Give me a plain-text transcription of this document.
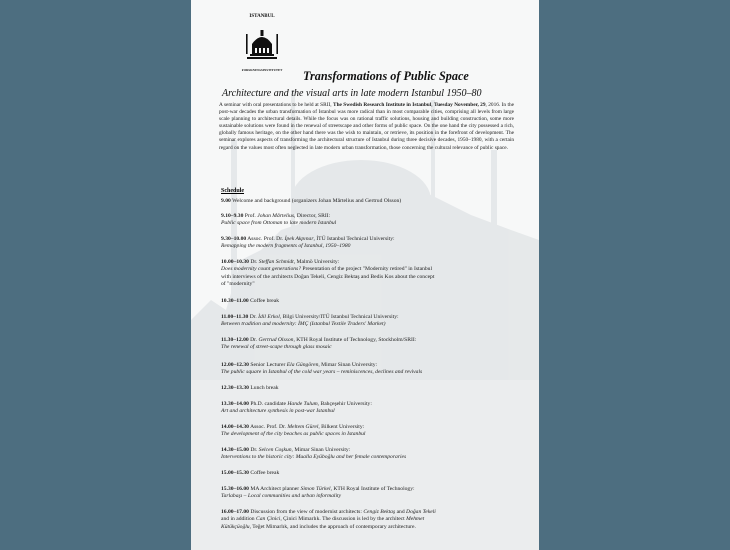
ISTANBUL
FORSKNINGSINSTITUTET Transformations of Public Space
Architecture and the visual arts in late modern Istanbul 1950–80
A seminar with oral presentations to be held at SRII, The Swedish Research Institute in Istanbul, Tuesday November, 29, 2016. In the post-war decades the urban transformation of Istanbul was more radical than in most comparable cities, comprising all levels from large scale planning to architectural details. While the focus was on rational traffic solutions, housing and building construction, some more sustainable solutions were found in the renewal of streetscape and other forms of public space. On the one hand the city possessed a rich, globally famous heritage, on the other hand there was the wish to maintain, or retrieve, its position in the forefront of development. The seminar explores aspects of transforming the architectural structure of Istanbul during three decisive decades, 1950–1980, with a certain regard on the values most often neglected in late modern urban transformation, those concerning the cultural relevance of public space.
Schedule
9.00 Welcome and background (organizers Johan Mårtelius and Gertrud Olsson)
9.10–9.30 Prof. Johan Mårtelius, Director, SRII:
Public space from Ottoman to late modern Istanbul
9.30–10.00 Assoc. Prof. Dr. İpek Akpınar, İTÜ Istanbul Technical University:
Remapping the modern fragments of Istanbul, 1950–1980
10.00–10.30 Dr. Steffan Schmidt, Malmö University:
Does modernity count generations? Presentation of the project "Modernity retired" in Istanbul
with interviews of the architects Doğan Tekeli, Cengiz Bektaş and Bedis Kos about the concept
of "modernity"
10.30–11.00 Coffee break
11.00–11.30 Dr. İdil Erkol, Bilgi University/ITÜ Istanbul Technical University:
Between tradition and modernity: İMÇ (Istanbul Textile Traders' Market)
11.30–12.00 Dr. Gertrud Olsson, KTH Royal Institute of Technology, Stockholm/SRII:
The renewal of street-scape through glass mosaic
12.00–12.30 Senior Lecturer Ela Güngören, Mimar Sinan University:
The public square in Istanbul of the cold war years – reminiscences, declines and revivals
12.30–13.30 Lunch break
13.30–14.00 Ph.D. candidate Hande Tulum, Bahçeşehir University:
Art and architecture synthesis in post-war Istanbul
14.00–14.30 Assoc. Prof. Dr. Meltem Gürel, Bilkent University:
The development of the city beaches as public spaces in Istanbul
14.30–15.00 Dr. Selcen Coşkun, Mimar Sinan University:
Interventions to the historic city: Mualla Eyüboğlu and her female contemporaries
15.00–15.30 Coffee break
15.30–16.00 MA Architect planner Simon Türkel, KTH Royal Institute of Technology:
Tarlabaşı – Local communities and urban informality
16.00–17.00 Discussion from the view of modernist architects: Cengiz Bektaş and Doğan Tekeli
and in addition Can Çinici, Çinici Mimarlık. The discussion is led by the architect Mehmet
Kütükçüoğlu, Teğet Mimarlık, and includes the approach of contemporary architecture.
